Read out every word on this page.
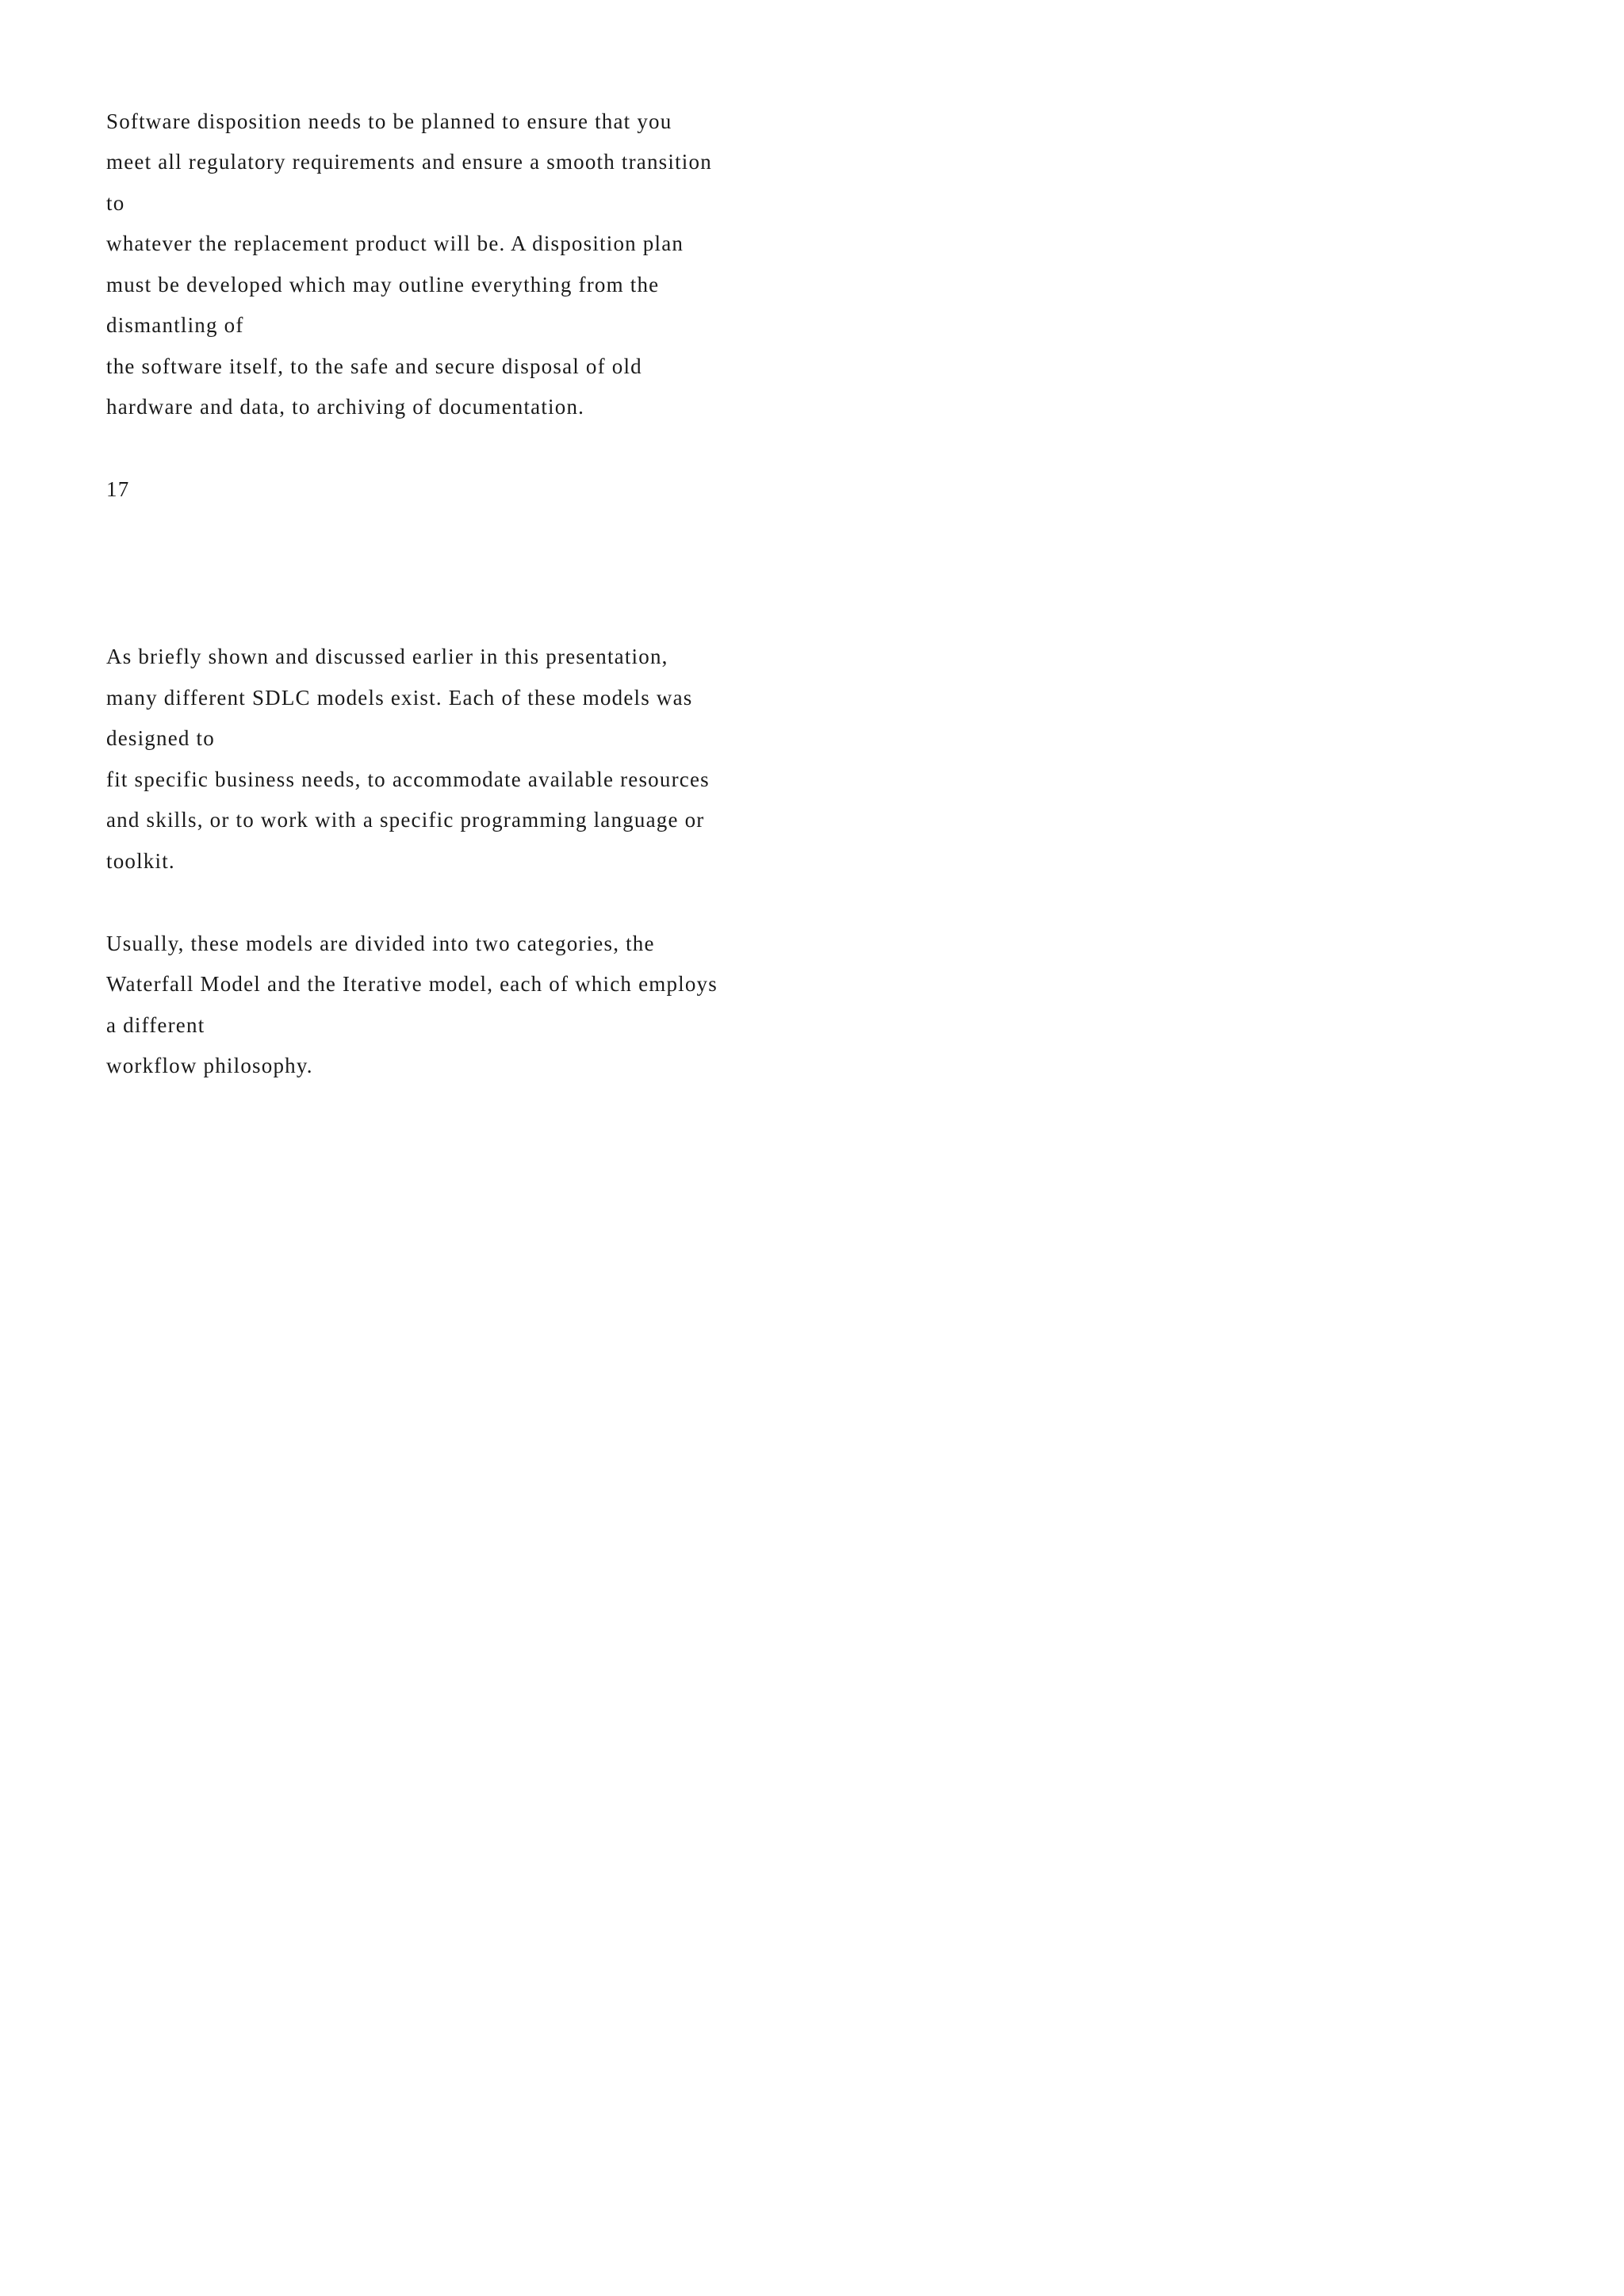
Software disposition needs to be planned to ensure that you

meet all regulatory requirements and ensure a smooth transition

to

whatever the replacement product will be. A disposition plan

must be developed which may outline everything from the

dismantling of

the software itself, to the safe and secure disposal of old

hardware and data, to archiving of documentation.

17

As briefly shown and discussed earlier in this presentation,

many different SDLC models exist. Each of these models was

designed to

fit specific business needs, to accommodate available resources

and skills, or to work with a specific programming language or

toolkit.

Usually, these models are divided into two categories, the

Waterfall Model and the Iterative model, each of which employs

a different

workflow philosophy.
